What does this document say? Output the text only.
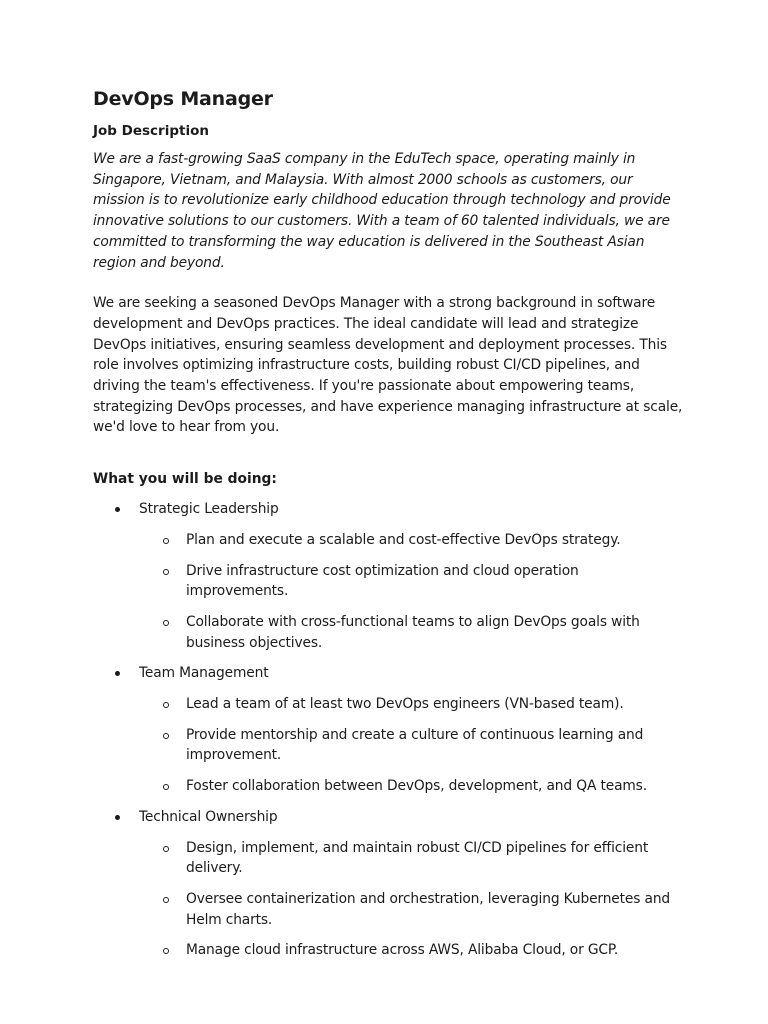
DevOps Manager
Job Description

We are a fast-growing SaaS company in the EduTech space, operating mainly in Singapore, Vietnam, and Malaysia. With almost 2000 schools as customers, our mission is to revolutionize early childhood education through technology and provide innovative solutions to our customers. With a team of 60 talented individuals, we are committed to transforming the way education is delivered in the Southeast Asian region and beyond.

We are seeking a seasoned DevOps Manager with a strong background in software development and DevOps practices. The ideal candidate will lead and strategize DevOps initiatives, ensuring seamless development and deployment processes. This role involves optimizing infrastructure costs, building robust CI/CD pipelines, and driving the team's effectiveness. If you're passionate about empowering teams, strategizing DevOps processes, and have experience managing infrastructure at scale, we'd love to hear from you.

What you will be doing:
Strategic Leadership
Plan and execute a scalable and cost-effective DevOps strategy.
Drive infrastructure cost optimization and cloud operation improvements.
Collaborate with cross-functional teams to align DevOps goals with business objectives.
Team Management
Lead a team of at least two DevOps engineers (VN-based team).
Provide mentorship and create a culture of continuous learning and improvement.
Foster collaboration between DevOps, development, and QA teams.
Technical Ownership
Design, implement, and maintain robust CI/CD pipelines for efficient delivery.
Oversee containerization and orchestration, leveraging Kubernetes and Helm charts.
Manage cloud infrastructure across AWS, Alibaba Cloud, or GCP.
